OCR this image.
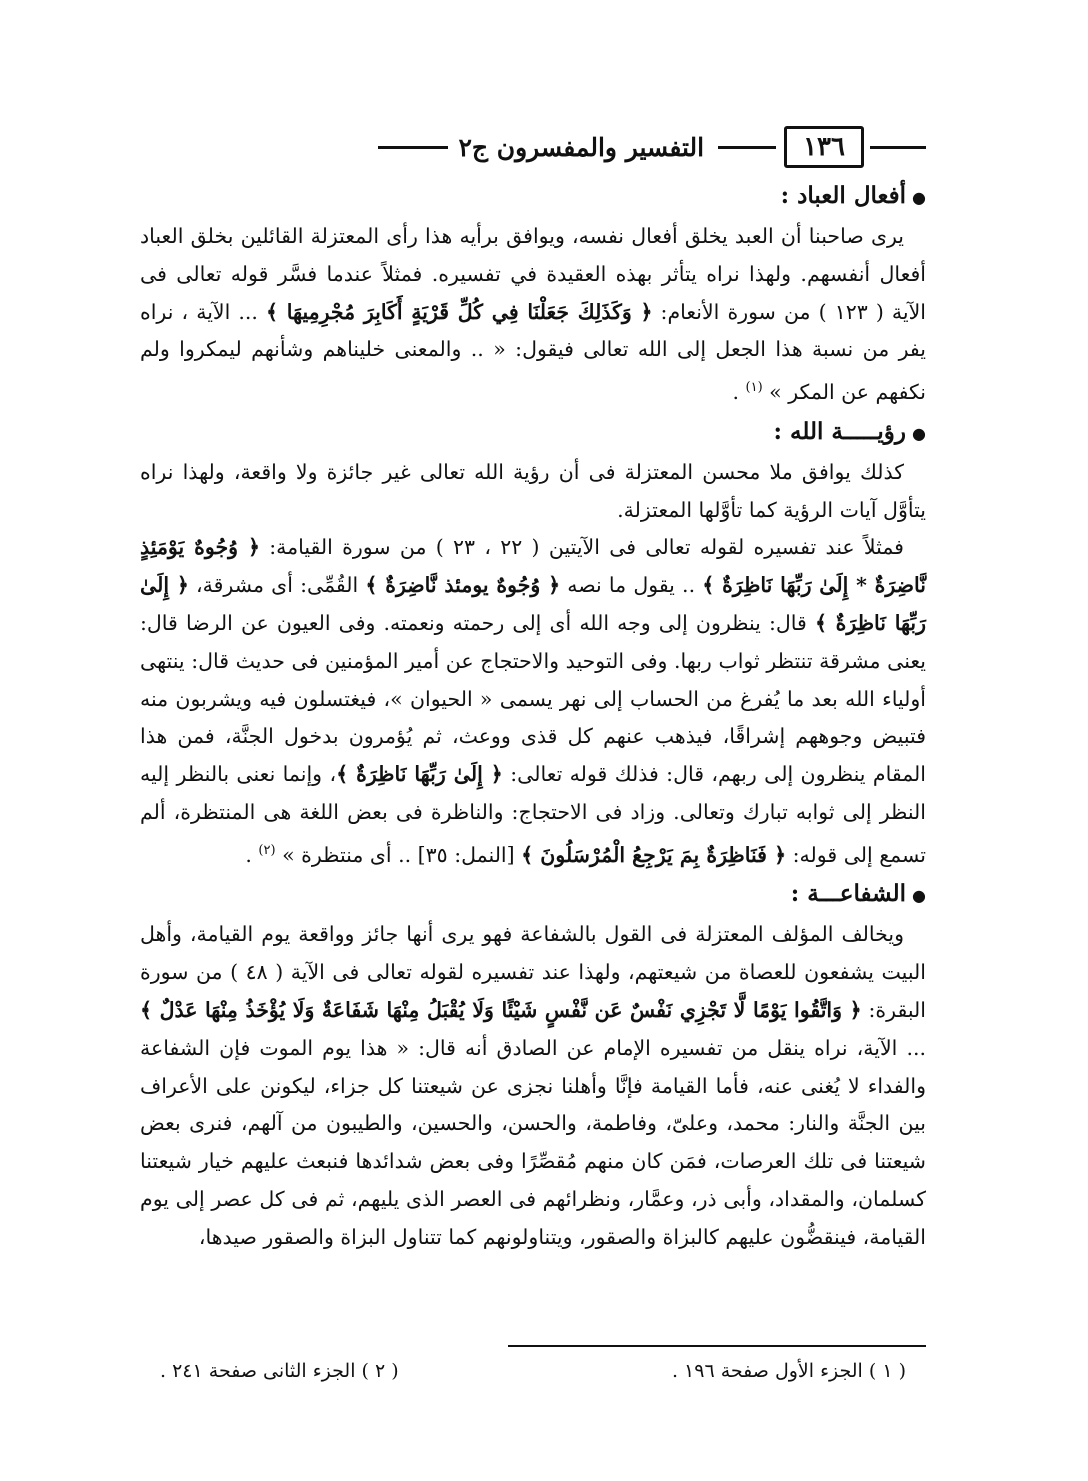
١٣٦
التفسير والمفسرون ج٢

●أفعال العباد :

يرى صاحبنا أن العبد يخلق أفعال نفسه، ويوافق برأيه هذا رأى المعتزلة القائلين بخلق العباد أفعال أنفسهم. ولهذا نراه يتأثر بهذه العقيدة في تفسيره. فمثلاً عندما فسَّر قوله تعالى فى الآية ( ١٢٣ ) من سورة الأنعام: ﴿ وَكَذَلِكَ جَعَلْنَا فِي كُلِّ قَرْيَةٍ أَكَابِرَ مُجْرِمِيهَا ﴾ ... الآية ، نراه يفر من نسبة هذا الجعل إلى الله تعالى فيقول: « .. والمعنى خليناهم وشأنهم ليمكروا ولم نكفهم عن المكر » $^{(١)}$ .

●رؤيـــــة الله :

كذلك يوافق ملا محسن المعتزلة فى أن رؤية الله تعالى غير جائزة ولا واقعة، ولهذا نراه يتأوَّل آيات الرؤية كما تأوَّلها المعتزلة.

فمثلاً عند تفسيره لقوله تعالى فى الآيتين ( ٢٢ ، ٢٣ ) من سورة القيامة: ﴿ وُجُوهٌ يَوْمَئِذٍ نَّاضِرَةٌ * إِلَىٰ رَبِّهَا نَاظِرَةٌ ﴾ .. يقول ما نصه ﴿ وُجُوهٌ يومئذ نَّاضِرَةٌ ﴾ القُمِّى: أى مشرقة، ﴿ إِلَىٰ رَبِّهَا نَاظِرَةٌ ﴾ قال: ينظرون إلى وجه الله أى إلى رحمته ونعمته. وفى العيون عن الرضا قال: يعنى مشرقة تنتظر ثواب ربها. وفى التوحيد والاحتجاج عن أمير المؤمنين فى حديث قال: ينتهى أولياء الله بعد ما يُفرغ من الحساب إلى نهر يسمى « الحيوان »، فيغتسلون فيه ويشربون منه فتبيض وجوههم إشراقًا، فيذهب عنهم كل قذى ووعث، ثم يُؤمرون بدخول الجنَّة، فمن هذا المقام ينظرون إلى ربهم، قال: فذلك قوله تعالى: ﴿ إِلَىٰ رَبِّهَا نَاظِرَةٌ ﴾، وإنما نعنى بالنظر إليه النظر إلى ثوابه تبارك وتعالى. وزاد فى الاحتجاج: والناظرة فى بعض اللغة هى المنتظرة، ألم تسمع إلى قوله: ﴿ فَنَاظِرَةٌ بِمَ يَرْجِعُ الْمُرْسَلُونَ ﴾ [النمل: ٣٥] .. أى منتظرة » $^{(٢)}$ .

●الشفاعـــة :

ويخالف المؤلف المعتزلة فى القول بالشفاعة فهو يرى أنها جائز وواقعة يوم القيامة، وأهل البيت يشفعون للعصاة من شيعتهم، ولهذا عند تفسيره لقوله تعالى فى الآية ( ٤٨ ) من سورة البقرة: ﴿ وَاتَّقُوا يَوْمًا لَّا تَجْزِي نَفْسٌ عَن نَّفْسٍ شَيْئًا وَلَا يُقْبَلُ مِنْهَا شَفَاعَةٌ وَلَا يُؤْخَذُ مِنْهَا عَدْلٌ ﴾ ... الآية، نراه ينقل من تفسيره الإمام عن الصادق أنه قال: « هذا يوم الموت فإن الشفاعة والفداء لا يُغنى عنه، فأما القيامة فإنَّا وأهلنا نجزى عن شيعتنا كل جزاء، ليكونن على الأعراف بين الجنَّة والنار: محمد، وعلىّ، وفاطمة، والحسن، والحسين، والطيبون من آلهم، فنرى بعض شيعتنا فى تلك العرصات، فمَن كان منهم مُقصِّرًا وفى بعض شدائدها فنبعث عليهم خيار شيعتنا كسلمان، والمقداد، وأبى ذر، وعمَّار، ونظرائهم فى العصر الذى يليهم، ثم فى كل عصر إلى يوم القيامة، فينقضُّون عليهم كالبزاة والصقور، ويتناولونهم كما تتناول البزاة والصقور صيدها،

( ١ ) الجزء الأول صفحة ١٩٦ .
( ٢ ) الجزء الثانى صفحة ٢٤١ .
